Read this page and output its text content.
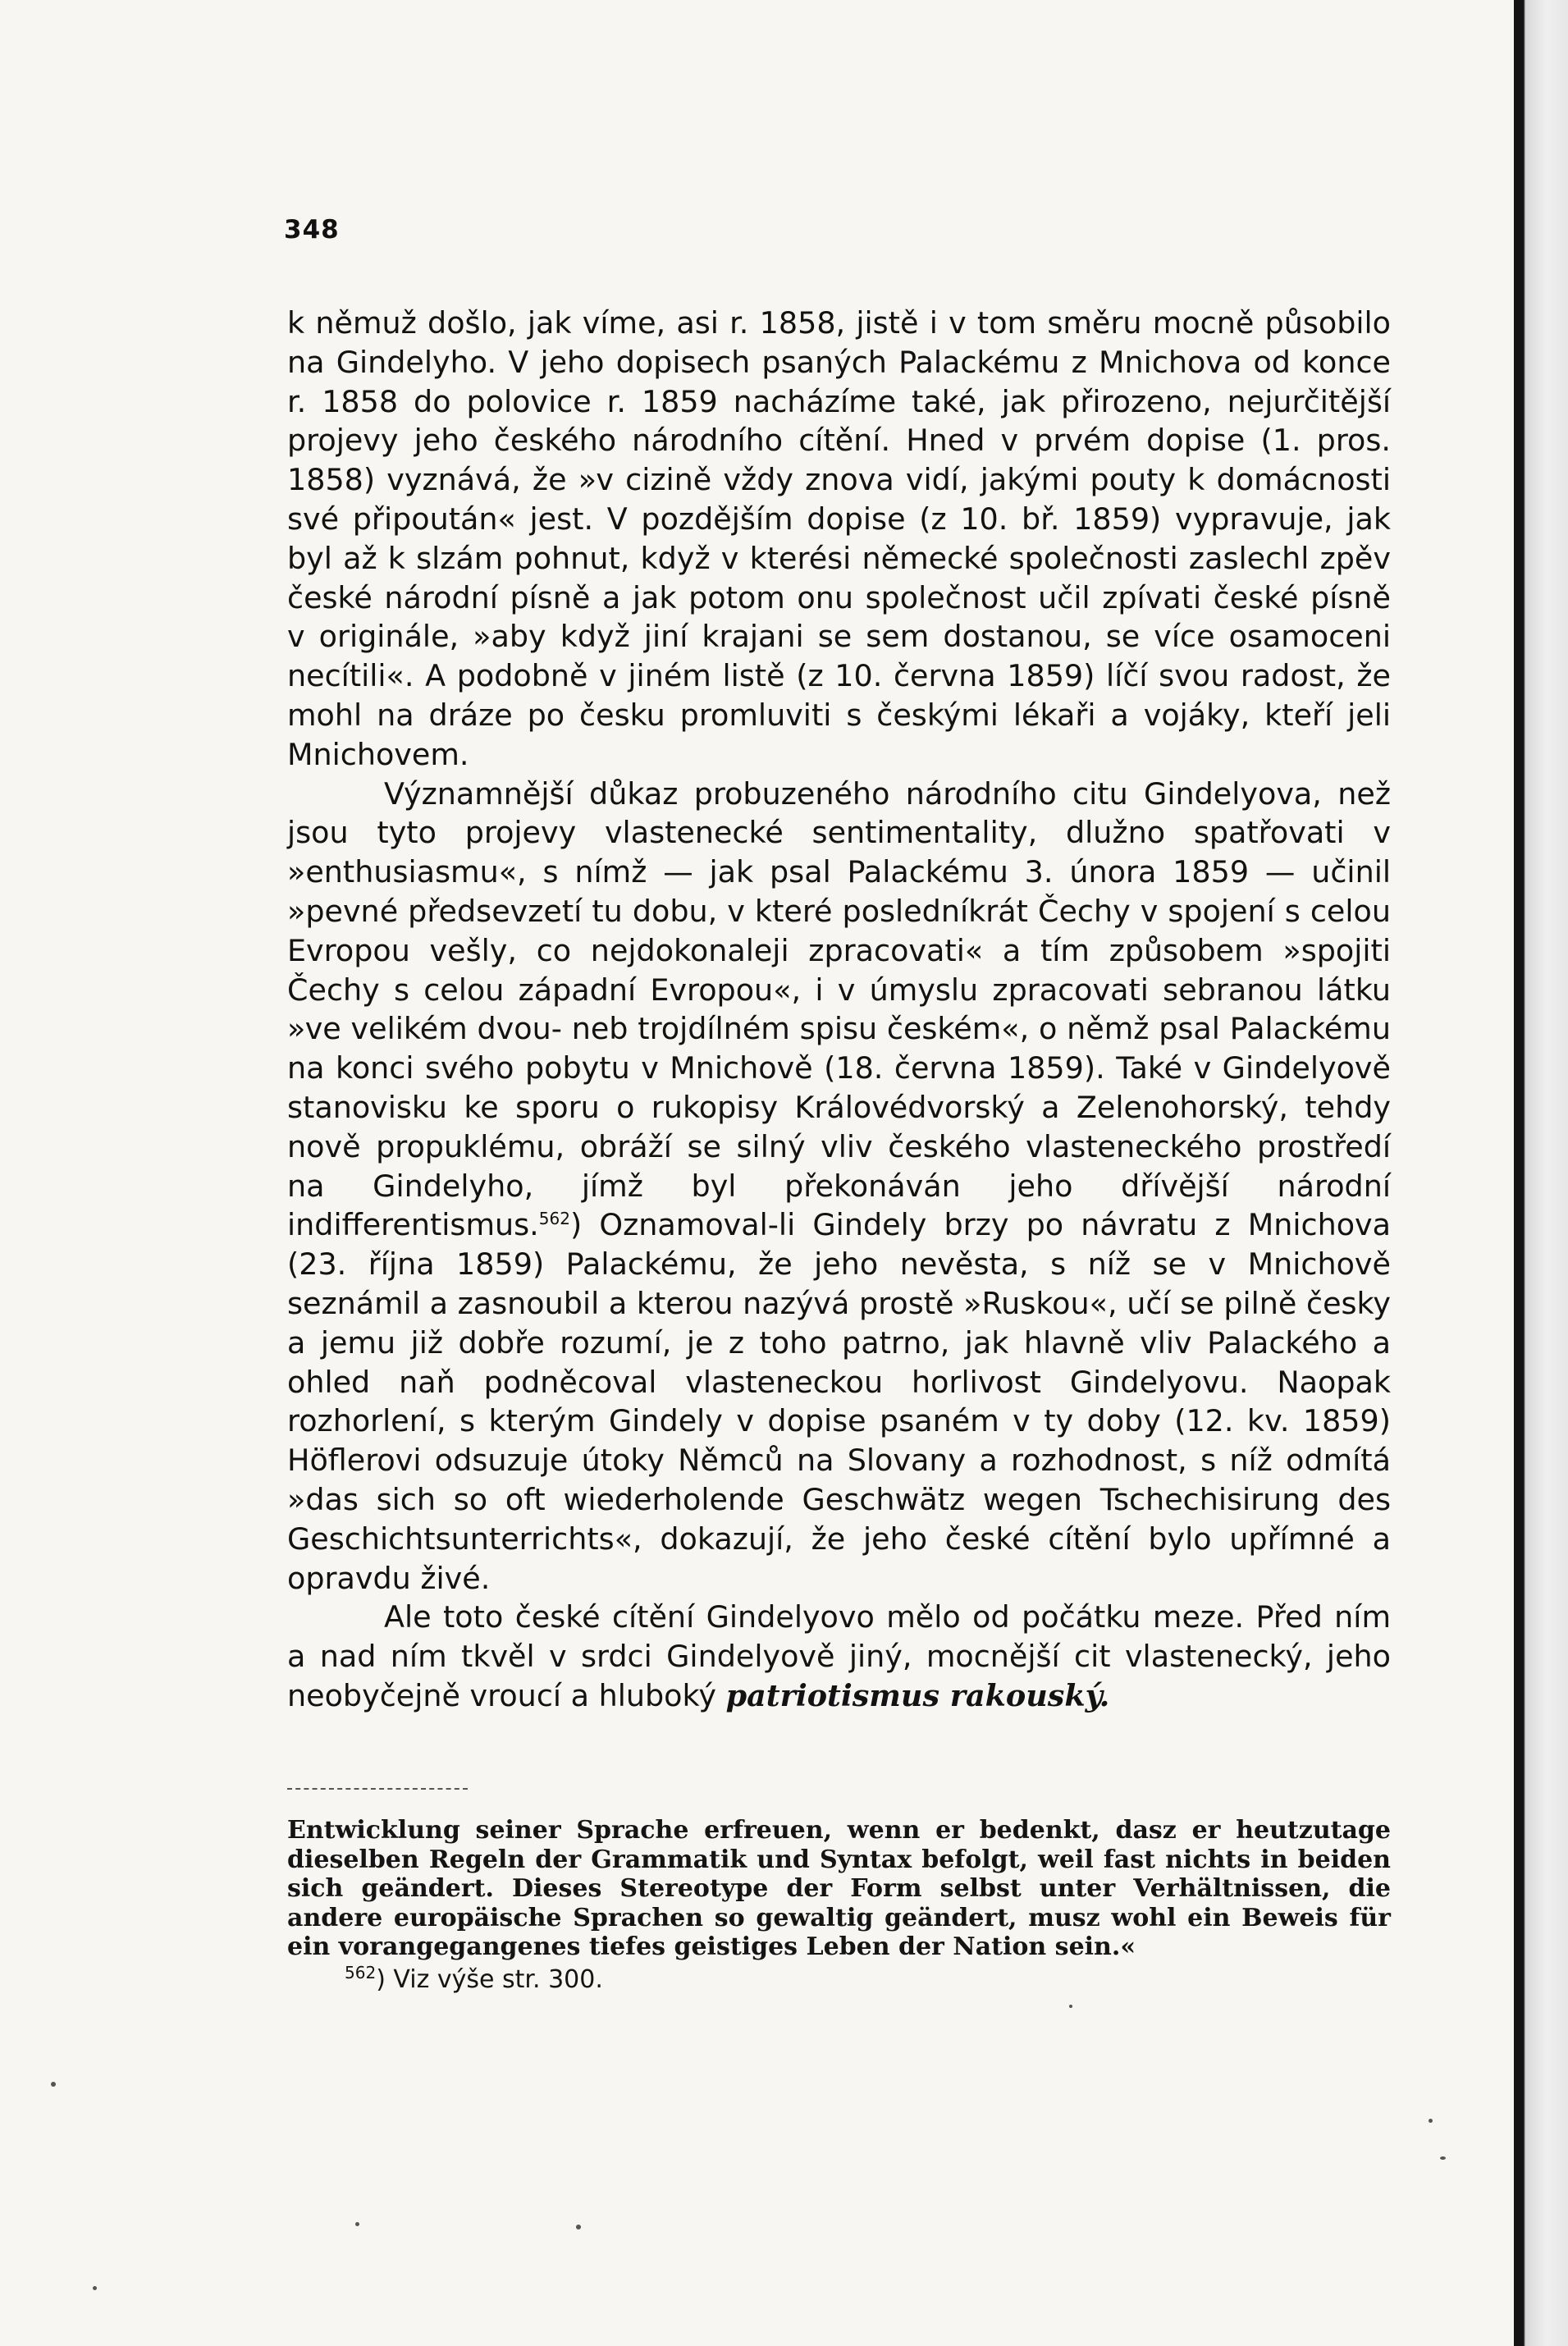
348

k němuž došlo, jak víme, asi r. 1858, jistě i v tom směru mocně působilo na Gindelyho. V jeho dopisech psaných Palackému z Mnichova od konce r. 1858 do polovice r. 1859 nacházíme také, jak přirozeno, nejurčitější projevy jeho českého národního cítění. Hned v prvém dopise (1. pros. 1858) vyznává, že »v cizině vždy znova vidí, jakými pouty k domácnosti své připoután« jest. V pozdějším dopise (z 10. bř. 1859) vypravuje, jak byl až k slzám pohnut, když v kterési německé společnosti zaslechl zpěv české národní písně a jak potom onu společnost učil zpívati české písně v originále, »aby když jiní krajani se sem dostanou, se více osamoceni necítili«. A podobně v jiném listě (z 10. června 1859) líčí svou radost, že mohl na dráze po česku promluviti s českými lékaři a vojáky, kteří jeli Mnichovem.

Významnější důkaz probuzeného národního citu Gindelyova, než jsou tyto projevy vlastenecké sentimentality, dlužno spatřovati v »enthusiasmu«, s nímž — jak psal Palackému 3. února 1859 — učinil »pevné předsevzetí tu dobu, v které posledníkrát Čechy v spojení s celou Evropou vešly, co nejdokonaleji zpracovati« a tím způsobem »spojiti Čechy s celou západní Evropou«, i v úmyslu zpracovati sebranou látku »ve velikém dvou- neb trojdílném spisu českém«, o němž psal Palackému na konci svého pobytu v Mnichově (18. června 1859). Také v Gindelyově stanovisku ke sporu o rukopisy Královédvorský a Zelenohorský, tehdy nově propuklému, obráží se silný vliv českého vlasteneckého prostředí na Gindelyho, jímž byl překonáván jeho dřívější národní indifferentismus.$^{562}$) Oznamoval-li Gindely brzy po návratu z Mnichova (23. října 1859) Palackému, že jeho nevěsta, s níž se v Mnichově seznámil a zasnoubil a kterou nazývá prostě »Ruskou«, učí se pilně česky a jemu již dobře rozumí, je z toho patrno, jak hlavně vliv Palackého a ohled naň podněcoval vlasteneckou horlivost Gindelyovu. Naopak rozhorlení, s kterým Gindely v dopise psaném v ty doby (12. kv. 1859) Höflerovi odsuzuje útoky Němců na Slovany a rozhodnost, s níž odmítá »das sich so oft wiederholende Geschwätz wegen Tschechisirung des Geschichtsunterrichts«, dokazují, že jeho české cítění bylo upřímné a opravdu živé.

Ale toto české cítění Gindelyovo mělo od počátku meze. Před ním a nad ním tkvěl v srdci Gindelyově jiný, mocnější cit vlastenecký, jeho neobyčejně vroucí a hluboký patriotismus rakouský.

Entwicklung seiner Sprache erfreuen, wenn er bedenkt, dasz er heutzutage dieselben Regeln der Grammatik und Syntax befolgt, weil fast nichts in beiden sich geändert. Dieses Stereotype der Form selbst unter Verhältnissen, die andere europäische Sprachen so gewaltig geändert, musz wohl ein Beweis für ein vorangegangenes tiefes geistiges Leben der Nation sein.«

$^{562}$) Viz výše str. 300.
